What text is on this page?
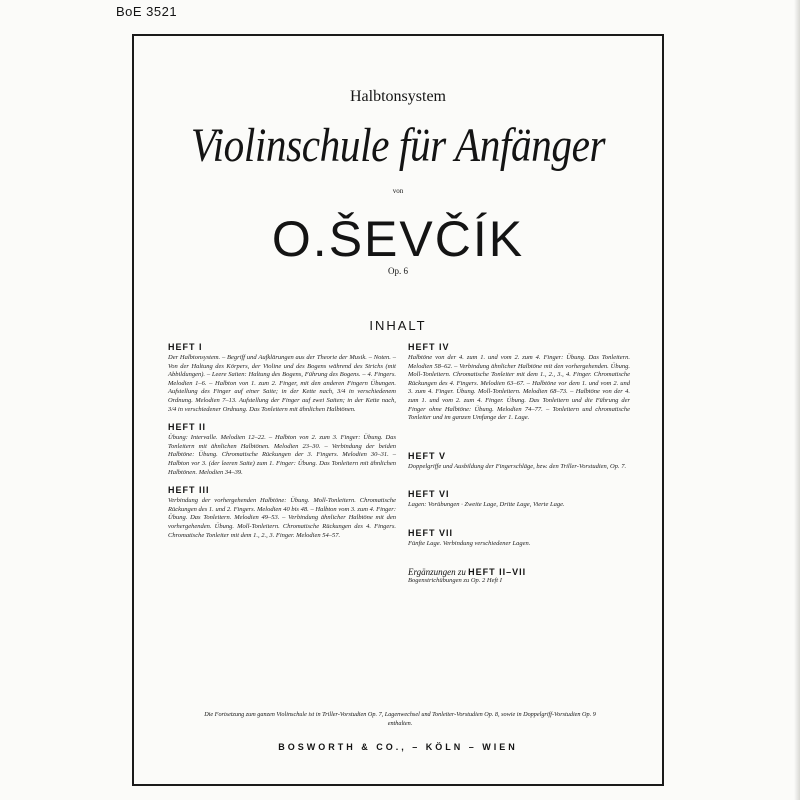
BoE 3521
Halbtonsystem
Violinschule für Anfänger
von
O.ŠEVČÍK
Op. 6
INHALT
HEFT I
Der Halbtonsystem. – Begriff und Aufklärungen aus der Theorie der Musik. – Noten. – Von der Haltung des Körpers, der Violine und des Bogens während des Strichs (mit Abbildungen). – Leere Saiten: Haltung des Bogens, Führung des Bogens. – 4. Fingers. Melodien 1–6. – Halbton von 1. zum 2. Finger, mit den anderen Fingern Übungen. Aufstellung des Finger auf einer Saite; in der Kette nach, 3/4 in verschiedenem Ordnung. Melodien 7–13. Aufstellung der Finger auf zwei Saiten; in der Kette nach, 3/4 in verschiedener Ordnung. Das Tonleitern mit ähnlichen Halbtönen.
HEFT II
Übung: Intervalle. Melodien 12–22. – Halbton von 2. zum 3. Finger: Übung. Das Tonleitern mit ähnlichen Halbtönen. Melodien 23–30. – Verbindung der beiden Halbtöne: Übung. Chromatische Rückungen der 3. Fingers. Melodien 30–31. – Halbton vor 3. (der leeren Saite) zum 1. Finger: Übung. Das Tonleitern mit ähnlichen Halbtönen. Melodien 34–39.
HEFT III
Verbindung der vorhergehenden Halbtöne: Übung. Moll-Tonleitern. Chromatische Rückungen des 1. und 2. Fingers. Melodien 40 bis 48. – Halbton vom 3. zum 4. Finger: Übung. Das Tonleitern. Melodien 49–53. – Verbindung ähnlicher Halbtöne mit den vorhergehenden. Übung. Moll-Tonleitern. Chromatische Rückungen des 4. Fingers. Chromatische Tonleiter mit dem 1., 2., 3. Finger. Melodien 54–57.
HEFT IV
Halbtöne von der 4. zum 1. und vom 2. zum 4. Finger: Übung. Das Tonleitern. Melodien 58–62. – Verbindung ähnlicher Halbtöne mit den vorhergehenden. Übung. Moll-Tonleitern. Chromatische Tonleiter mit dem 1., 2., 3., 4. Finger. Chromatische Rückungen des 4. Fingers. Melodien 63–67. – Halbtöne vor dem 1. und vom 2. und 3. zum 4. Finger. Übung. Moll-Tonleitern. Melodien 68–73. – Halbtöne von der 4. zum 1. und vom 2. zum 4. Finger. Übung. Das Tonleitern und die Führung der Finger ohne Halbtöne: Übung. Melodien 74–77. – Tonleitern und chromatische Tonleiter und im ganzen Umfange der 1. Lage.
HEFT V
Doppelgriffe und Ausbildung der Fingerschläge, bzw. den Triller-Vorstudien, Op. 7.
HEFT VI
Lagen: Vorübungen · Zweite Lage, Dritte Lage, Vierte Lage.
HEFT VII
Fünfte Lage. Verbindung verschiedener Lagen.
Ergänzungen zu HEFT II–VII
Bogenstrichübungen zu Op. 2 Heft I
Die Fortsetzung zum ganzen Violinschule ist in Triller-Vorstudien Op. 7, Lagenwechsel und Tonleiter-Vorstudien Op. 8, sowie in Doppelgriff-Vorstudien Op. 9 enthalten.
BOSWORTH & CO., – KÖLN – WIEN
